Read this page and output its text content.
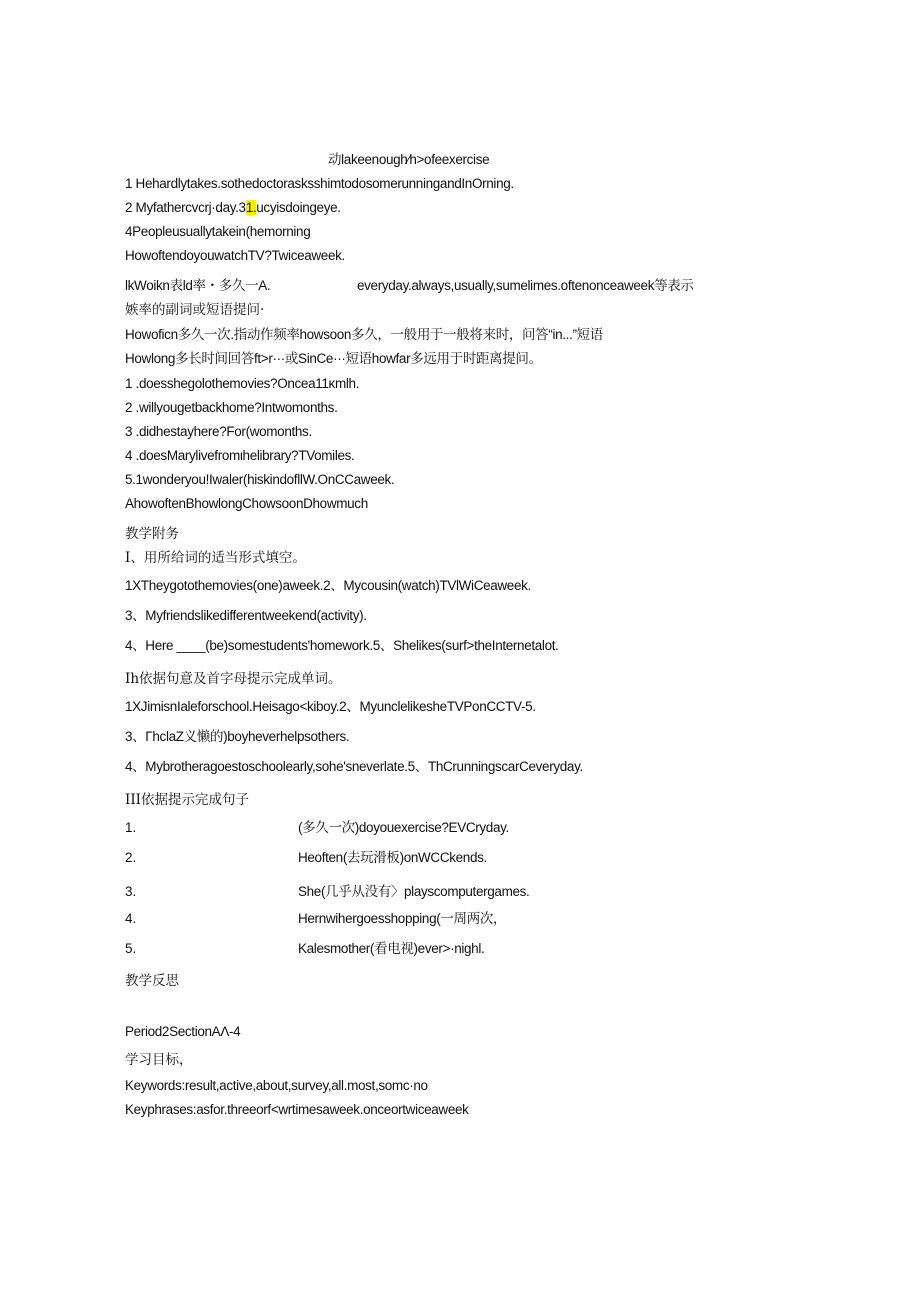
动lakeenough∕h>ofeexercise
1 Hehardlytakes.sothedoctorasksshimtodosomerunningandInOrning.
2 Myfathercvcrj·day.31.ucyisdoingeye.
4Peopleusuallytakein(hemorning
HowoftendoyouwatchTV?Twiceaweek.
lkWoikn表ld率・多久一A.	everyday.always,usually,sumelimes.oftenonceaweek等表示
嫉率的副词或短语提问·
Howoficn多久一次.指动作频率howsoon多久，一般用于一般将来时，问答“in...”短语
Howlong多长时间回答ft>r···或SinCe···短语howfar多远用于时距离提问。
1 .doesshegolothemovies?Oncea11κmlh.
2 .willyougetbackhome?Intwomonths.
3 .didhestayhere?For(womonths.
4 .doesMarylivefromιhelibrary?TVomiles.
5.1wonderyou!Iwaler(hiskindofllW.OnCCaweek.
AhowoftenBhowlongChowsoonDhowmuch
教学附务
I、用所给词的适当形式填空。
1XTheygotothemovies(one)aweek.2、Mycousin(watch)TVlWiCeaweek.
3、Myfriendslikedifferentweekend(activity).
4、Here ____(be)somestudents'homework.5、Shelikes(surf>theInternetalot.
Ih依据句意及首字母提示完成单词。
1XJimisnIaleforschool.Heisago<kiboy.2、MyunclelikesheTVPonCCTV-5.
3、ΓhclaZ义懒的)boyheverhelpsothers.
4、Mybrotheragoestoschoolearly,sohe'sneverlate.5、ThCrunningscarCeveryday.
III依据提示完成句子
1.	(多久一次)doyouexercise?EVCryday.
2.	Heoften(去玩滑板)onWCCkends.
3.	She(几乎从没有〉playscomputergames.
4.	Hernwihergoesshopping(一周两次，
5.	Kalesmother(看电视)ever>·nighl.
教学反思
Period2SectionAΛ-4
学习目标，
Keywords:result,active,about,survey,all.most,somc·no
Keyphrases:asfor.threeorf<wrtimesaweek.onceortwiceaweek
